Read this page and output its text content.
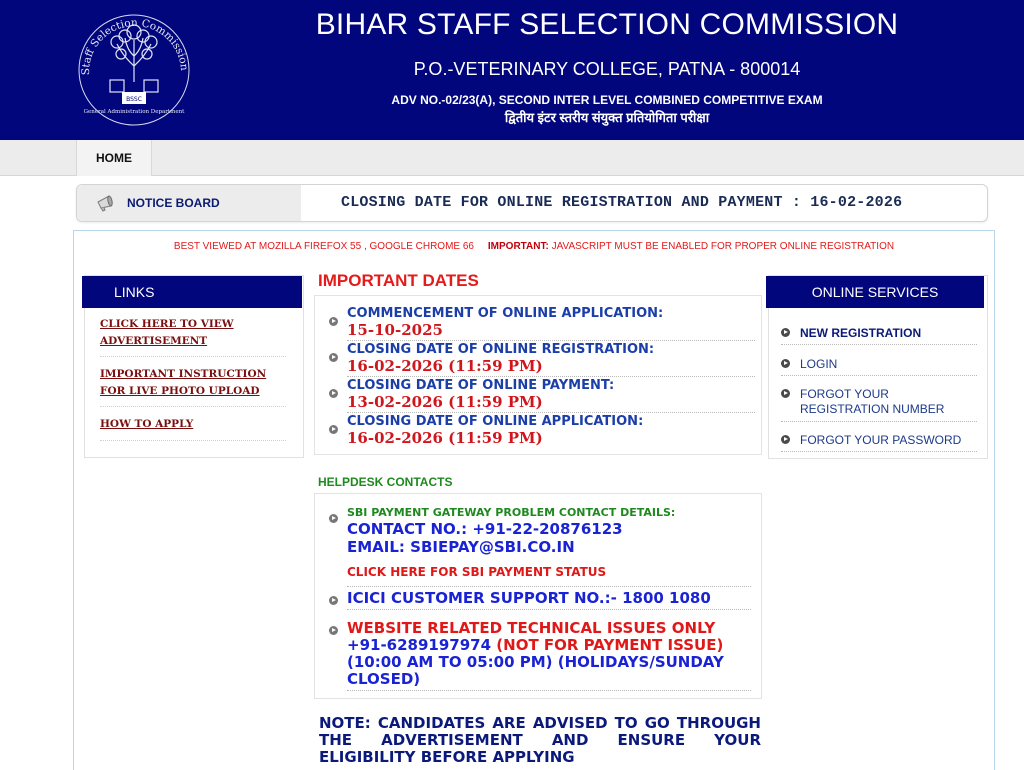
Staff Selection Commission
BSSC
General Administration Department
BIHAR STAFF SELECTION COMMISSION
P.O.-VETERINARY COLLEGE, PATNA - 800014
ADV NO.-02/23(A), SECOND INTER LEVEL COMBINED COMPETITIVE EXAM
द्वितीय इंटर स्तरीय संयुक्त प्रतियोगिता परीक्षा
HOME
NOTICE BOARD	CLOSING DATE FOR ONLINE REGISTRATION AND PAYMENT : 16-02-2026
BEST VIEWED AT MOZILLA FIREFOX 55 , GOOGLE CHROME 66 IMPORTANT: JAVASCRIPT MUST BE ENABLED FOR PROPER ONLINE REGISTRATION
LINKS
CLICK HERE TO VIEW ADVERTISEMENT
IMPORTANT INSTRUCTION FOR LIVE PHOTO UPLOAD
HOW TO APPLY
IMPORTANT DATES
COMMENCEMENT OF ONLINE APPLICATION:
15-10-2025
CLOSING DATE OF ONLINE REGISTRATION:
16-02-2026 (11:59 PM)
CLOSING DATE OF ONLINE PAYMENT:
13-02-2026 (11:59 PM)
CLOSING DATE OF ONLINE APPLICATION:
16-02-2026 (11:59 PM)
HELPDESK CONTACTS
SBI PAYMENT GATEWAY PROBLEM CONTACT DETAILS:
CONTACT NO.: +91-22-20876123
EMAIL: SBIEPAY@SBI.CO.IN
CLICK HERE FOR SBI PAYMENT STATUS
ICICI CUSTOMER SUPPORT NO.:- 1800 1080
WEBSITE RELATED TECHNICAL ISSUES ONLY
+91-6289197974 (NOT FOR PAYMENT ISSUE)
(10:00 AM TO 05:00 PM) (HOLIDAYS/SUNDAY
CLOSED)
NOTE: CANDIDATES ARE ADVISED TO GO THROUGH THE ADVERTISEMENT AND ENSURE YOUR ELIGIBILITY BEFORE APPLYING
ONLINE SERVICES
NEW REGISTRATION
LOGIN
FORGOT YOUR REGISTRATION NUMBER
FORGOT YOUR PASSWORD
